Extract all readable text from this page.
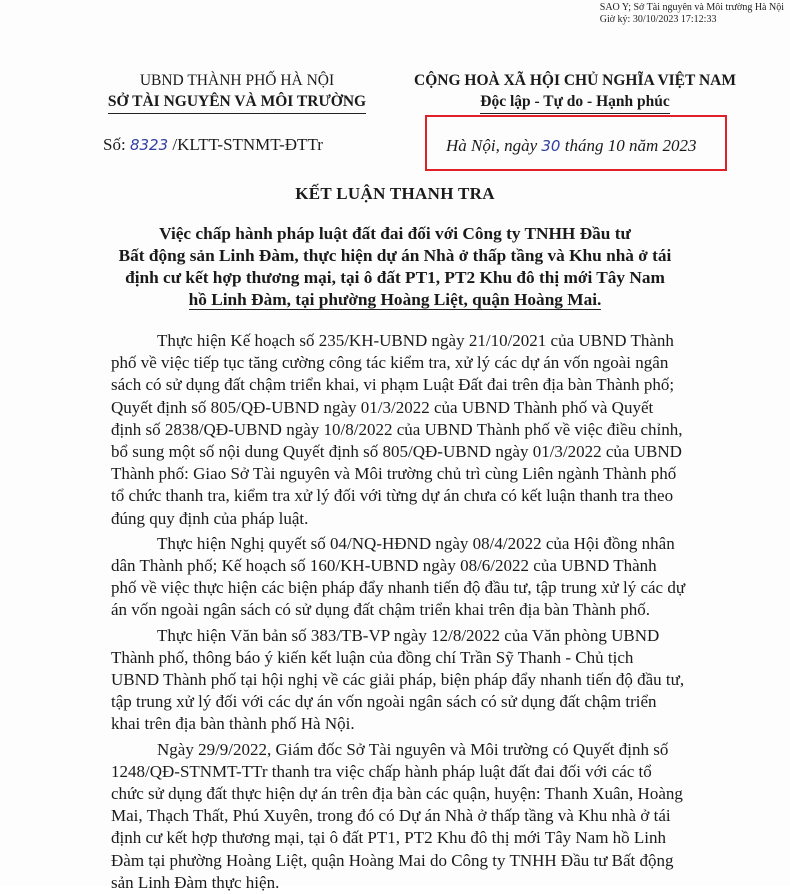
SAO Y; Sở Tài nguyên và Môi trường Hà Nội
Giờ ký: 30/10/2023 17:12:33
UBND THÀNH PHỐ HÀ NỘI
SỞ TÀI NGUYÊN VÀ MÔI TRƯỜNG
CỘNG HOÀ XÃ HỘI CHỦ NGHĨA VIỆT NAM
Độc lập - Tự do - Hạnh phúc
Số: 8323 /KLTT-STNMT-ĐTTr	Hà Nội, ngày 30 tháng 10 năm 2023
KẾT LUẬN THANH TRA
Việc chấp hành pháp luật đất đai đối với Công ty TNHH Đầu tư
Bất động sản Linh Đàm, thực hiện dự án Nhà ở thấp tầng và Khu nhà ở tái
định cư kết hợp thương mại, tại ô đất PT1, PT2 Khu đô thị mới Tây Nam
hồ Linh Đàm, tại phường Hoàng Liệt, quận Hoàng Mai.
Thực hiện Kế hoạch số 235/KH-UBND ngày 21/10/2021 của UBND Thành
phố về việc tiếp tục tăng cường công tác kiểm tra, xử lý các dự án vốn ngoài ngân
sách có sử dụng đất chậm triển khai, vi phạm Luật Đất đai trên địa bàn Thành phố;
Quyết định số 805/QĐ-UBND ngày 01/3/2022 của UBND Thành phố và Quyết
định số 2838/QĐ-UBND ngày 10/8/2022 của UBND Thành phố về việc điều chỉnh,
bổ sung một số nội dung Quyết định số 805/QĐ-UBND ngày 01/3/2022 của UBND
Thành phố: Giao Sở Tài nguyên và Môi trường chủ trì cùng Liên ngành Thành phố
tổ chức thanh tra, kiểm tra xử lý đối với từng dự án chưa có kết luận thanh tra theo
đúng quy định của pháp luật.
Thực hiện Nghị quyết số 04/NQ-HĐND ngày 08/4/2022 của Hội đồng nhân
dân Thành phố; Kế hoạch số 160/KH-UBND ngày 08/6/2022 của UBND Thành
phố về việc thực hiện các biện pháp đẩy nhanh tiến độ đầu tư, tập trung xử lý các dự
án vốn ngoài ngân sách có sử dụng đất chậm triển khai trên địa bàn Thành phố.
Thực hiện Văn bản số 383/TB-VP ngày 12/8/2022 của Văn phòng UBND
Thành phố, thông báo ý kiến kết luận của đồng chí Trần Sỹ Thanh - Chủ tịch
UBND Thành phố tại hội nghị về các giải pháp, biện pháp đẩy nhanh tiến độ đầu tư,
tập trung xử lý đối với các dự án vốn ngoài ngân sách có sử dụng đất chậm triển
khai trên địa bàn thành phố Hà Nội.
Ngày 29/9/2022, Giám đốc Sở Tài nguyên và Môi trường có Quyết định số
1248/QĐ-STNMT-TTr thanh tra việc chấp hành pháp luật đất đai đối với các tổ
chức sử dụng đất thực hiện dự án trên địa bàn các quận, huyện: Thanh Xuân, Hoàng
Mai, Thạch Thất, Phú Xuyên, trong đó có Dự án Nhà ở thấp tầng và Khu nhà ở tái
định cư kết hợp thương mại, tại ô đất PT1, PT2 Khu đô thị mới Tây Nam hồ Linh
Đàm tại phường Hoàng Liệt, quận Hoàng Mai do Công ty TNHH Đầu tư Bất động
sản Linh Đàm thực hiện.
